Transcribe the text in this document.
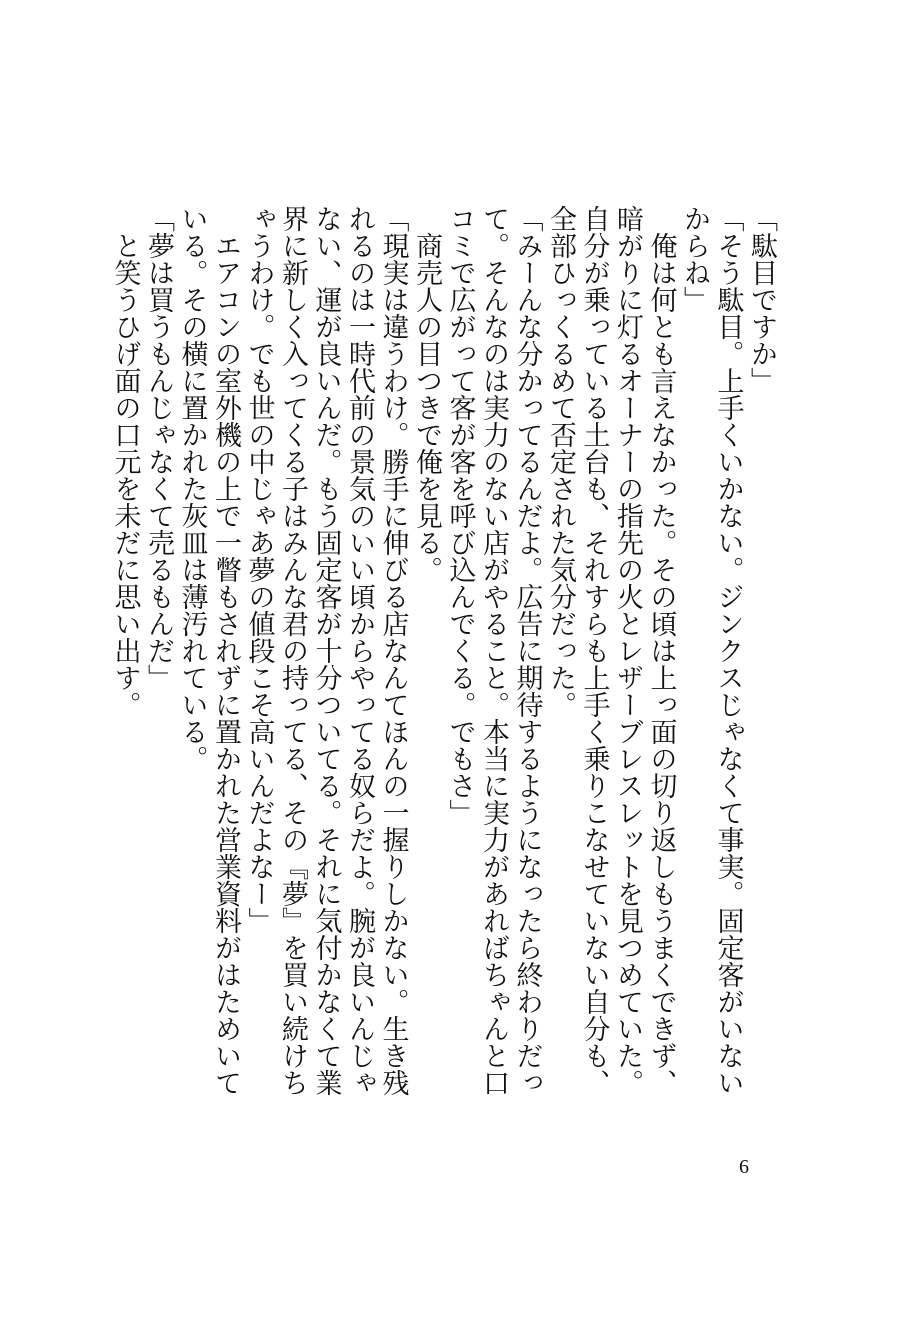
「駄目ですか」

「そう駄目。上手くいかない。ジンクスじゃなくて事実。固定客がいないからね」

　俺は何とも言えなかった。その頃は上っ面の切り返しもうまくできず、暗がりに灯るオーナーの指先の火とレザーブレスレットを見つめていた。自分が乗っている土台も、それすらも上手く乗りこなせていない自分も、全部ひっくるめて否定された気分だった。

「みーんな分かってるんだよ。広告に期待するようになったら終わりだって。そんなのは実力のない店がやること。本当に実力があればちゃんと口コミで広がって客が客を呼び込んでくる。でもさ」

　商売人の目つきで俺を見る。

「現実は違うわけ。勝手に伸びる店なんてほんの一握りしかない。生き残れるのは一時代前の景気のいい頃からやってる奴らだよ。腕が良いんじゃない、運が良いんだ。もう固定客が十分ついてる。それに気付かなくて業界に新しく入ってくる子はみんな君の持ってる、その『夢』を買い続けちゃうわけ。でも世の中じゃあ夢の値段こそ高いんだよなー」

　エアコンの室外機の上で一瞥もされずに置かれた営業資料がはためいている。その横に置かれた灰皿は薄汚れている。

「夢は買うもんじゃなくて売るもんだ」

　と笑うひげ面の口元を未だに思い出す。

6
